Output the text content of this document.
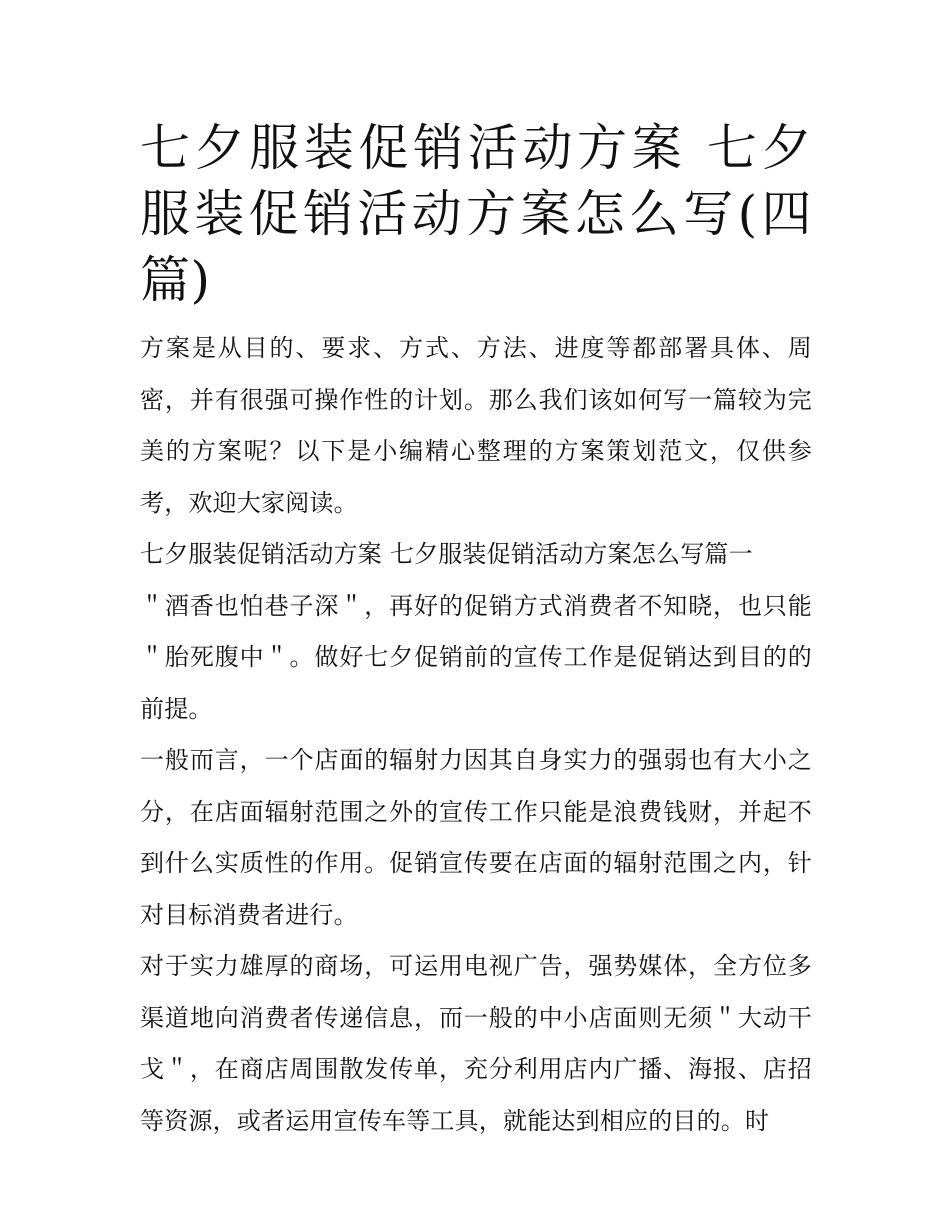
七夕服装促销活动方案 七夕服装促销活动方案怎么写(四篇)

方案是从目的、要求、方式、方法、进度等都部署具体、周密，并有很强可操作性的计划。那么我们该如何写一篇较为完美的方案呢？以下是小编精心整理的方案策划范文，仅供参考，欢迎大家阅读。

七夕服装促销活动方案 七夕服装促销活动方案怎么写篇一

＂酒香也怕巷子深＂，再好的促销方式消费者不知晓，也只能＂胎死腹中＂。做好七夕促销前的宣传工作是促销达到目的的前提。

一般而言，一个店面的辐射力因其自身实力的强弱也有大小之分，在店面辐射范围之外的宣传工作只能是浪费钱财，并起不到什么实质性的作用。促销宣传要在店面的辐射范围之内，针对目标消费者进行。

对于实力雄厚的商场，可运用电视广告，强势媒体，全方位多渠道地向消费者传递信息，而一般的中小店面则无须＂大动干戈＂，在商店周围散发传单，充分利用店内广播、海报、店招等资源，或者运用宣传车等工具，就能达到相应的目的。时
